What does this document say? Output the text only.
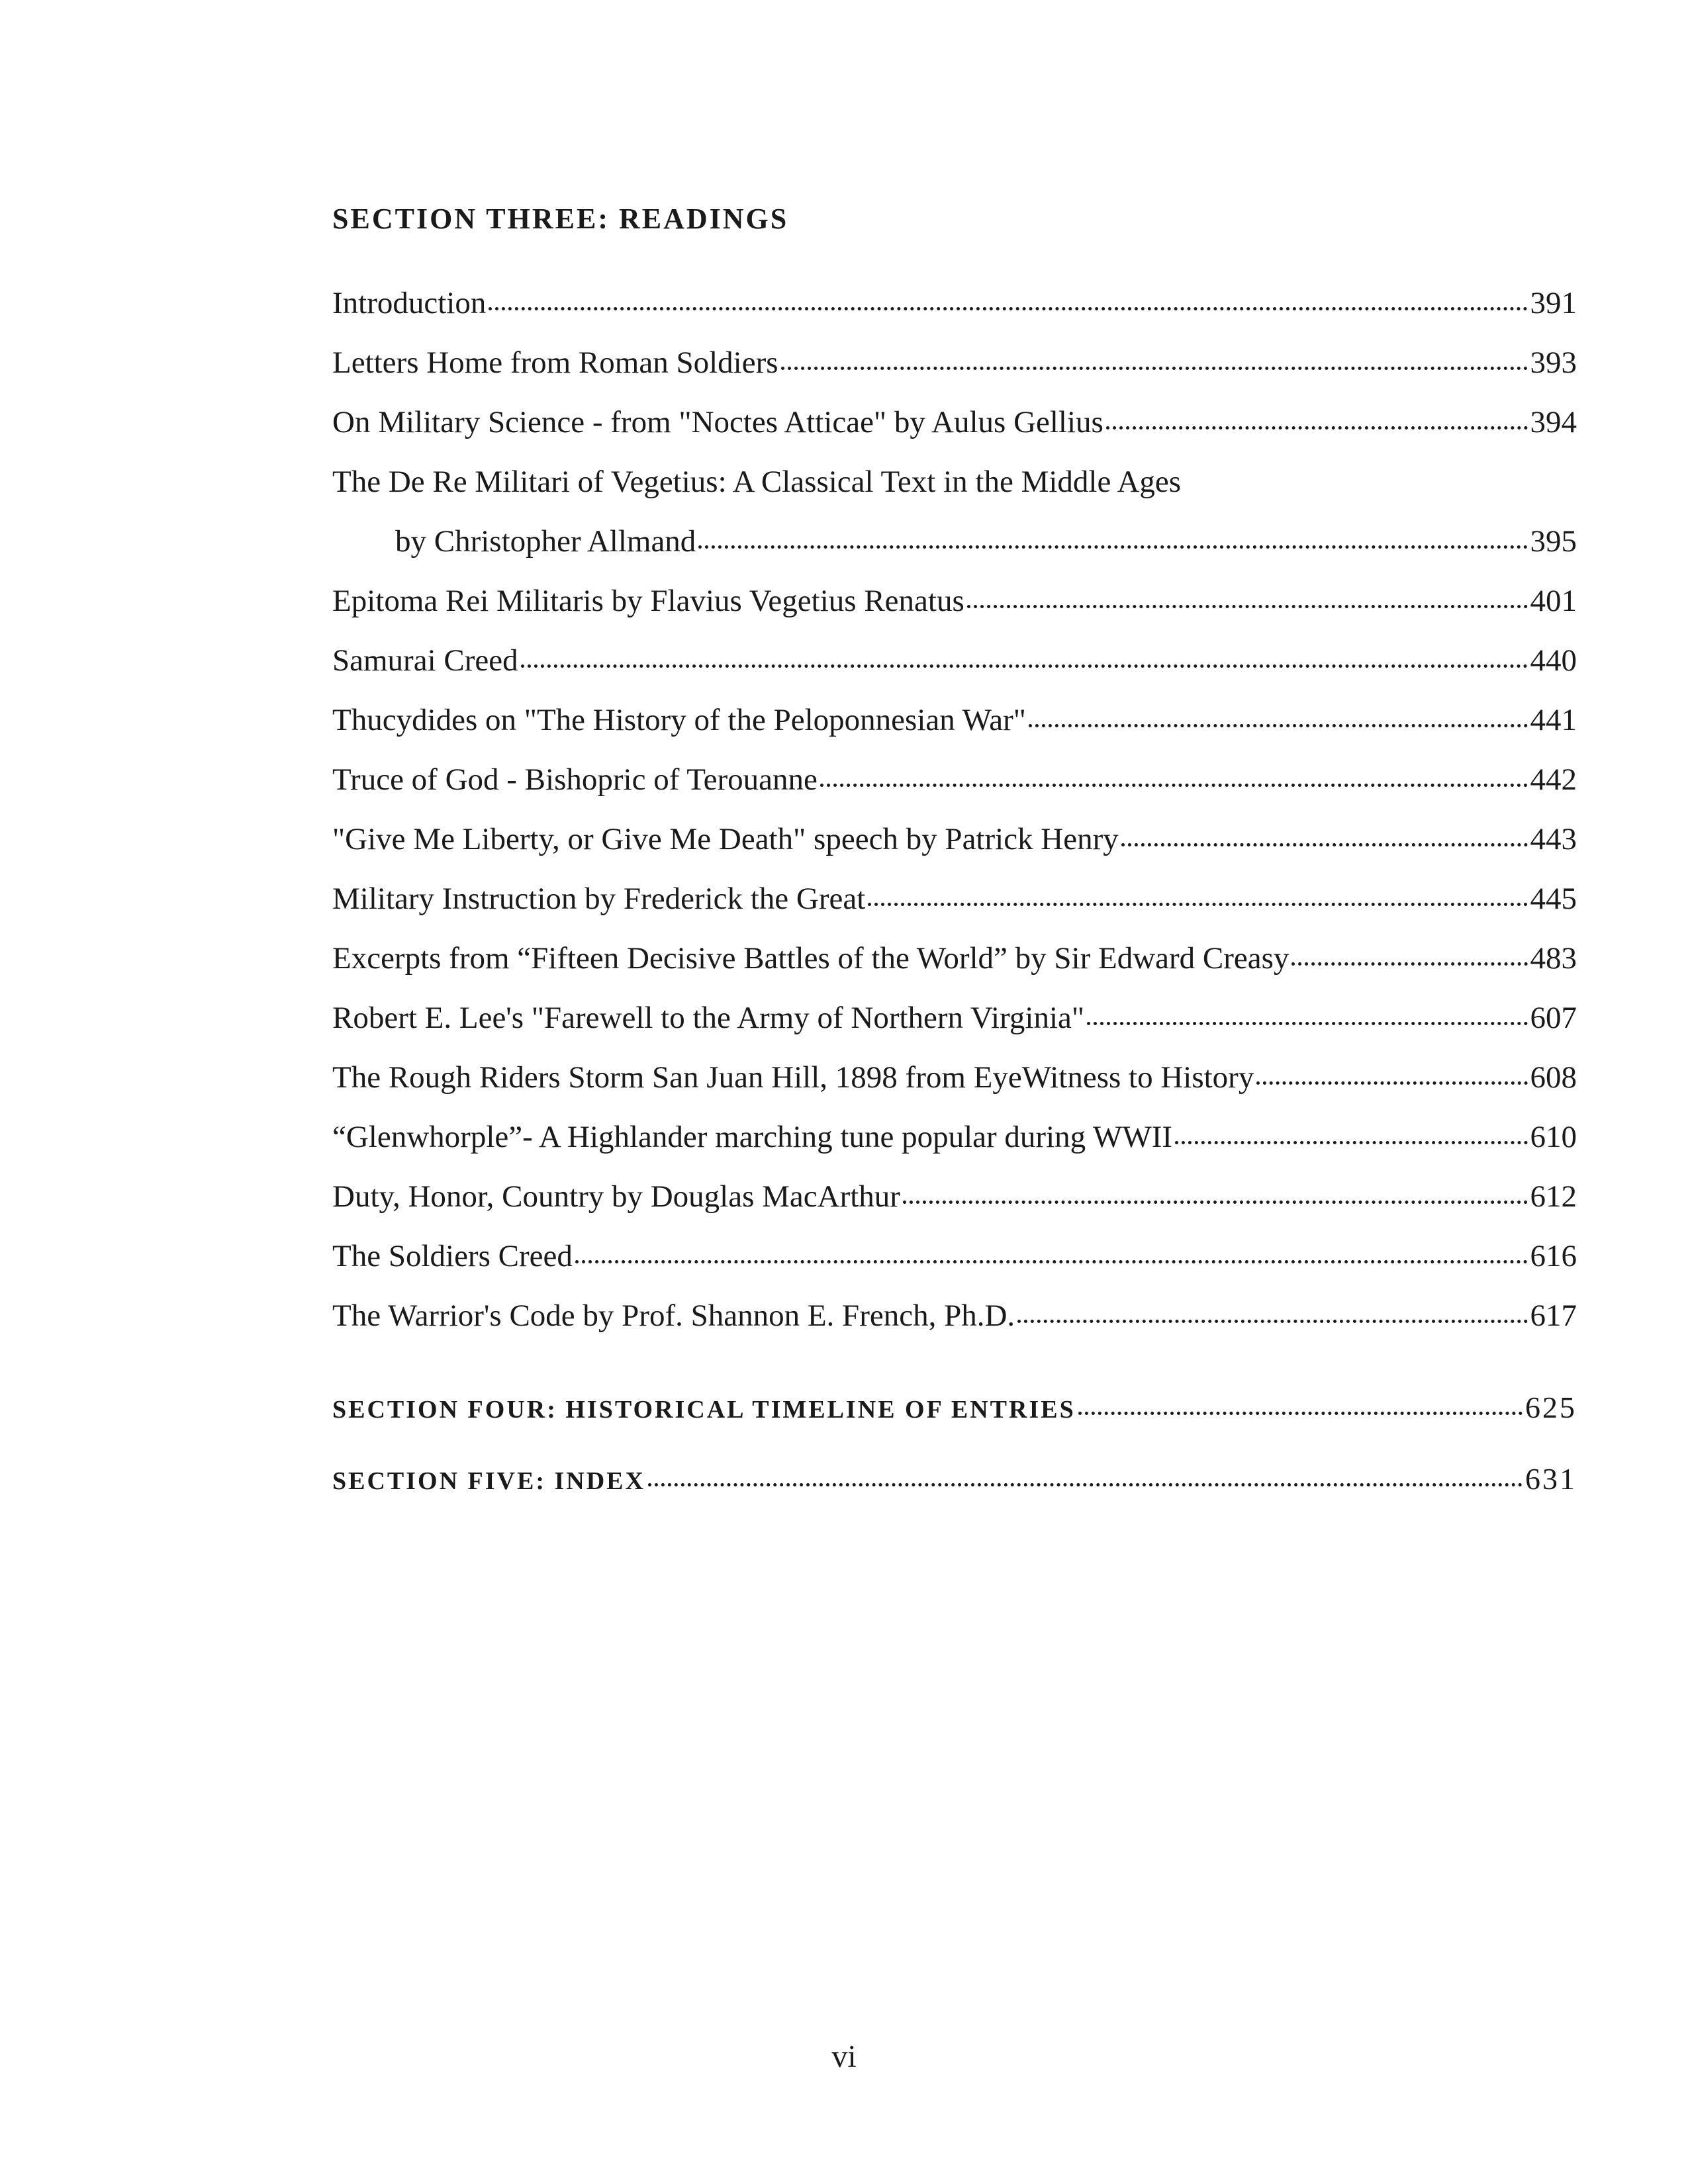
SECTION THREE: READINGS
Introduction	391
Letters Home from Roman Soldiers	393
On Military Science - from "Noctes Atticae" by Aulus Gellius	394
The De Re Militari of Vegetius: A Classical Text in the Middle Ages
by Christopher Allmand	395
Epitoma Rei Militaris by Flavius Vegetius Renatus	401
Samurai Creed	440
Thucydides on "The History of the Peloponnesian War"	441
Truce of God - Bishopric of Terouanne	442
"Give Me Liberty, or Give Me Death" speech by Patrick Henry	443
Military Instruction by Frederick the Great	445
Excerpts from “Fifteen Decisive Battles of the World” by Sir Edward Creasy	483
Robert E. Lee's "Farewell to the Army of Northern Virginia"	607
The Rough Riders Storm San Juan Hill, 1898 from EyeWitness to History	608
“Glenwhorple”- A Highlander marching tune popular during WWII	610
Duty, Honor, Country by Douglas MacArthur	612
The Soldiers Creed	616
The Warrior's Code by Prof. Shannon E. French, Ph.D.	617
SECTION FOUR: HISTORICAL TIMELINE OF ENTRIES	625
SECTION FIVE: INDEX	631
vi
